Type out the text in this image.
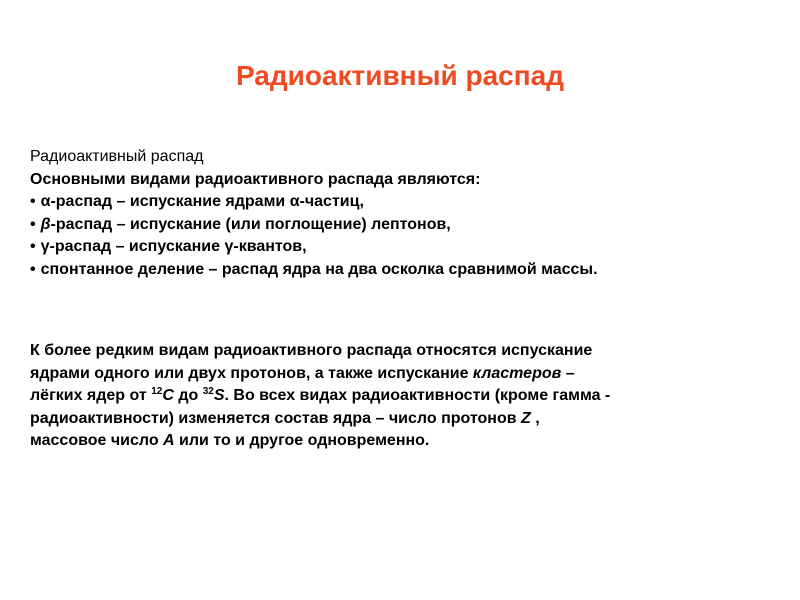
Радиоактивный распад
Радиоактивный распад
Основными видами радиоактивного распада являются:
• α-распад – испускание ядрами α-частиц,
• β-распад – испускание (или поглощение) лептонов,
• γ-распад – испускание γ-квантов,
• спонтанное деление – распад ядра на два осколка сравнимой массы.
К более редким видам радиоактивного распада относятся испускание
ядрами одного или двух протонов, а также испускание кластеров –
лёгких ядер от $^{12}$C до $^{32}$S. Во всех видах радиоактивности (кроме гамма -
радиоактивности) изменяется состав ядра – число протонов Z ,
массовое число A или то и другое одновременно.
